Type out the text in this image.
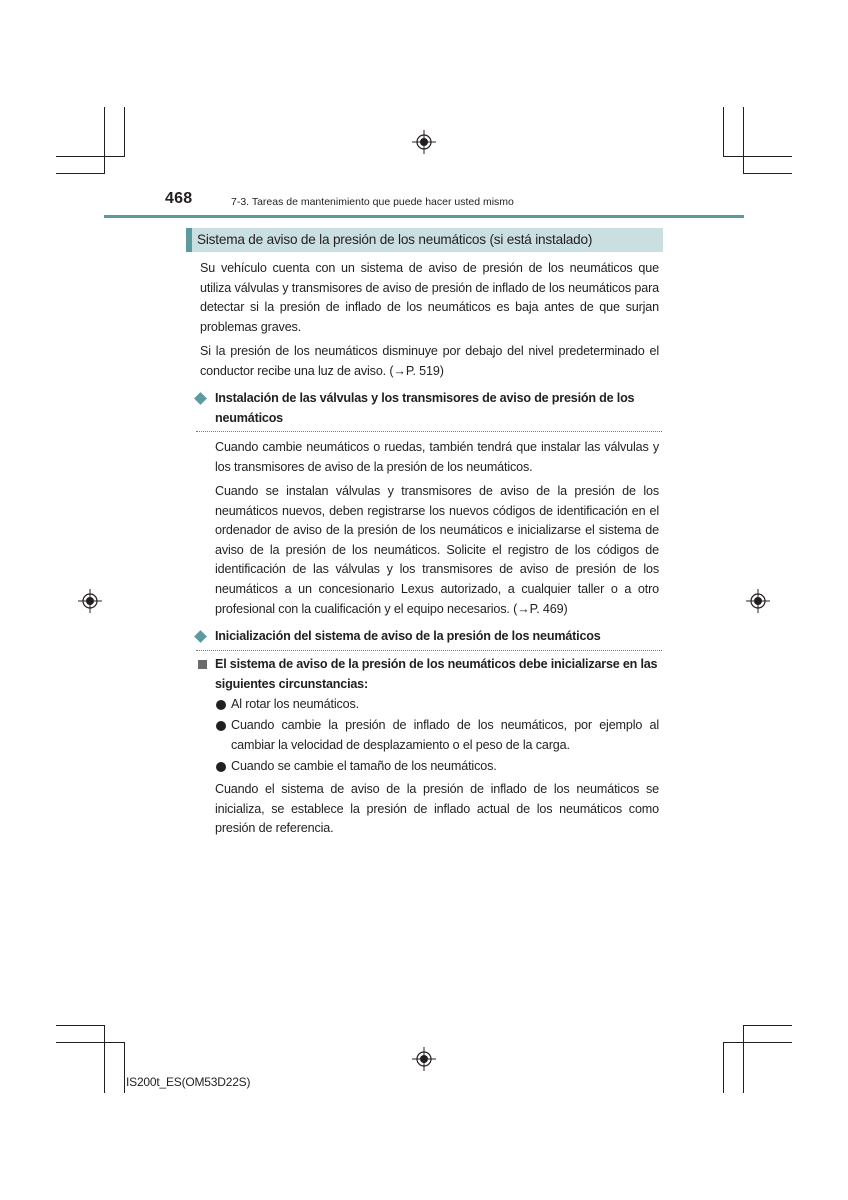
468	7-3. Tareas de mantenimiento que puede hacer usted mismo
Sistema de aviso de la presión de los neumáticos (si está instalado)

Su vehículo cuenta con un sistema de aviso de presión de los neumáticos que utiliza válvulas y transmisores de aviso de presión de inflado de los neumáticos para detectar si la presión de inflado de los neumáticos es baja antes de que surjan problemas graves.

Si la presión de los neumáticos disminuye por debajo del nivel predeterminado el conductor recibe una luz de aviso. (→P. 519)

Instalación de las válvulas y los transmisores de aviso de presión de los neumáticos

Cuando cambie neumáticos o ruedas, también tendrá que instalar las válvulas y los transmisores de aviso de la presión de los neumáticos.

Cuando se instalan válvulas y transmisores de aviso de la presión de los neumáticos nuevos, deben registrarse los nuevos códigos de identificación en el ordenador de aviso de la presión de los neumáticos e inicializarse el sistema de aviso de la presión de los neumáticos. Solicite el registro de los códigos de identificación de las válvulas y los transmisores de aviso de presión de los neumáticos a un concesionario Lexus autorizado, a cualquier taller o a otro profesional con la cualificación y el equipo necesarios. (→P. 469)

Inicialización del sistema de aviso de la presión de los neumáticos
El sistema de aviso de la presión de los neumáticos debe inicializarse en las siguientes circunstancias:
Al rotar los neumáticos.
Cuando cambie la presión de inflado de los neumáticos, por ejemplo al cambiar la velocidad de desplazamiento o el peso de la carga.
Cuando se cambie el tamaño de los neumáticos.

Cuando el sistema de aviso de la presión de inflado de los neumáticos se inicializa, se establece la presión de inflado actual de los neumáticos como presión de referencia.

IS200t_ES(OM53D22S)
